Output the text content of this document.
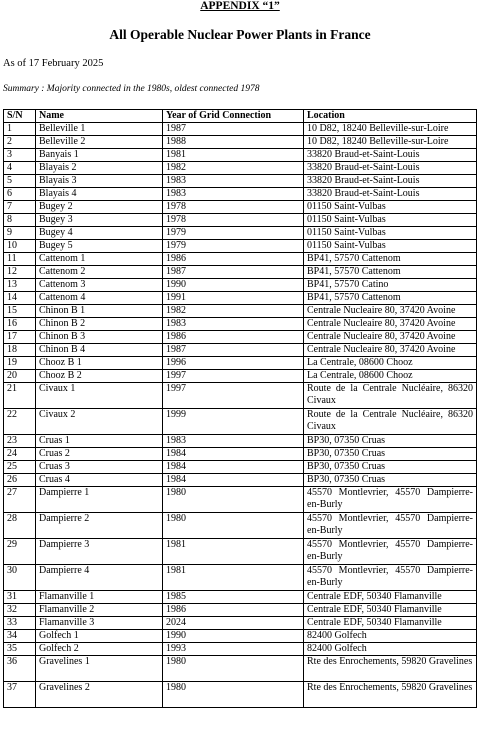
APPENDIX “1”
All Operable Nuclear Power Plants in France
As of 17 February 2025
Summary : Majority connected in the 1980s, oldest connected 1978
S/N	Name	Year of Grid Connection	Location
1	Belleville 1	1987	10 D82, 18240 Belleville-sur-Loire
2	Belleville 2	1988	10 D82, 18240 Belleville-sur-Loire
3	Banyais 1	1981	33820 Braud-et-Saint-Louis
4	Blayais 2	1982	33820 Braud-et-Saint-Louis
5	Blayais 3	1983	33820 Braud-et-Saint-Louis
6	Blayais 4	1983	33820 Braud-et-Saint-Louis
7	Bugey 2	1978	01150 Saint-Vulbas
8	Bugey 3	1978	01150 Saint-Vulbas
9	Bugey 4	1979	01150 Saint-Vulbas
10	Bugey 5	1979	01150 Saint-Vulbas
11	Cattenom 1	1986	BP41, 57570 Cattenom
12	Cattenom 2	1987	BP41, 57570 Cattenom
13	Cattenom 3	1990	BP41, 57570 Catino
14	Cattenom 4	1991	BP41, 57570 Cattenom
15	Chinon B 1	1982	Centrale Nucleaire 80, 37420 Avoine
16	Chinon B 2	1983	Centrale Nucleaire 80, 37420 Avoine
17	Chinon B 3	1986	Centrale Nucleaire 80, 37420 Avoine
18	Chinon B 4	1987	Centrale Nucleaire 80, 37420 Avoine
19	Chooz B 1	1996	La Centrale, 08600 Chooz
20	Chooz B 2	1997	La Centrale, 08600 Chooz
21	Civaux 1	1997	Route de la Centrale Nucléaire, 86320 Civaux
22	Civaux 2	1999	Route de la Centrale Nucléaire, 86320 Civaux
23	Cruas 1	1983	BP30, 07350 Cruas
24	Cruas 2	1984	BP30, 07350 Cruas
25	Cruas 3	1984	BP30, 07350 Cruas
26	Cruas 4	1984	BP30, 07350 Cruas
27	Dampierre 1	1980	45570 Montlevrier, 45570 Dampierre-en-Burly
28	Dampierre 2	1980	45570 Montlevrier, 45570 Dampierre-en-Burly
29	Dampierre 3	1981	45570 Montlevrier, 45570 Dampierre-en-Burly
30	Dampierre 4	1981	45570 Montlevrier, 45570 Dampierre-en-Burly
31	Flamanville 1	1985	Centrale EDF, 50340 Flamanville
32	Flamanville 2	1986	Centrale EDF, 50340 Flamanville
33	Flamanville 3	2024	Centrale EDF, 50340 Flamanville
34	Golfech 1	1990	82400 Golfech
35	Golfech 2	1993	82400 Golfech
36	Gravelines 1	1980	Rte des Enrochements, 59820 Gravelines
37	Gravelines 2	1980	Rte des Enrochements, 59820 Gravelines
